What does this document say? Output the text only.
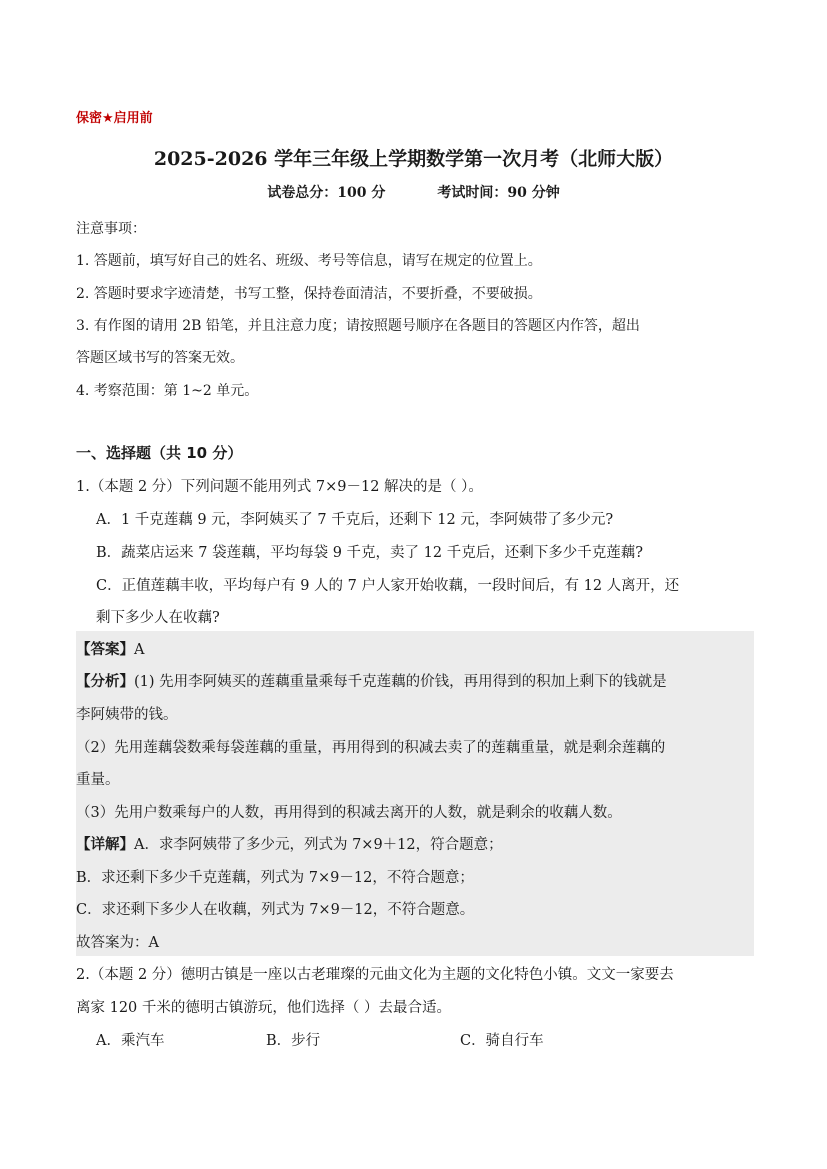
保密★启用前
2025-2026 学年三年级上学期数学第一次月考（北师大版）
试卷总分：100 分	考试时间：90 分钟
注意事项：
1. 答题前，填写好自己的姓名、班级、考号等信息，请写在规定的位置上。
2. 答题时要求字迹清楚，书写工整，保持卷面清洁，不要折叠，不要破损。
3. 有作图的请用 2B 铅笔，并且注意力度；请按照题号顺序在各题目的答题区内作答，超出
答题区域书写的答案无效。
4. 考察范围：第 1~2 单元。
一、选择题（共 10 分）
1.（本题 2 分）下列问题不能用列式 7×9－12 解决的是（ ）。
A．1 千克莲藕 9 元，李阿姨买了 7 千克后，还剩下 12 元，李阿姨带了多少元?
B．蔬菜店运来 7 袋莲藕，平均每袋 9 千克，卖了 12 千克后，还剩下多少千克莲藕?
C．正值莲藕丰收，平均每户有 9 人的 7 户人家开始收藕，一段时间后，有 12 人离开，还
剩下多少人在收藕?
【答案】A
【分析】(1) 先用李阿姨买的莲藕重量乘每千克莲藕的价钱，再用得到的积加上剩下的钱就是
李阿姨带的钱。
（2）先用莲藕袋数乘每袋莲藕的重量，再用得到的积减去卖了的莲藕重量，就是剩余莲藕的
重量。
（3）先用户数乘每户的人数，再用得到的积减去离开的人数，就是剩余的收藕人数。
【详解】A．求李阿姨带了多少元，列式为 7×9＋12，符合题意；
B．求还剩下多少千克莲藕，列式为 7×9－12，不符合题意；
C．求还剩下多少人在收藕，列式为 7×9－12，不符合题意。
故答案为：A
2.（本题 2 分）德明古镇是一座以古老璀璨的元曲文化为主题的文化特色小镇。文文一家要去
离家 120 千米的德明古镇游玩，他们选择（ ）去最合适。
A．乘汽车	B．步行	C．骑自行车
